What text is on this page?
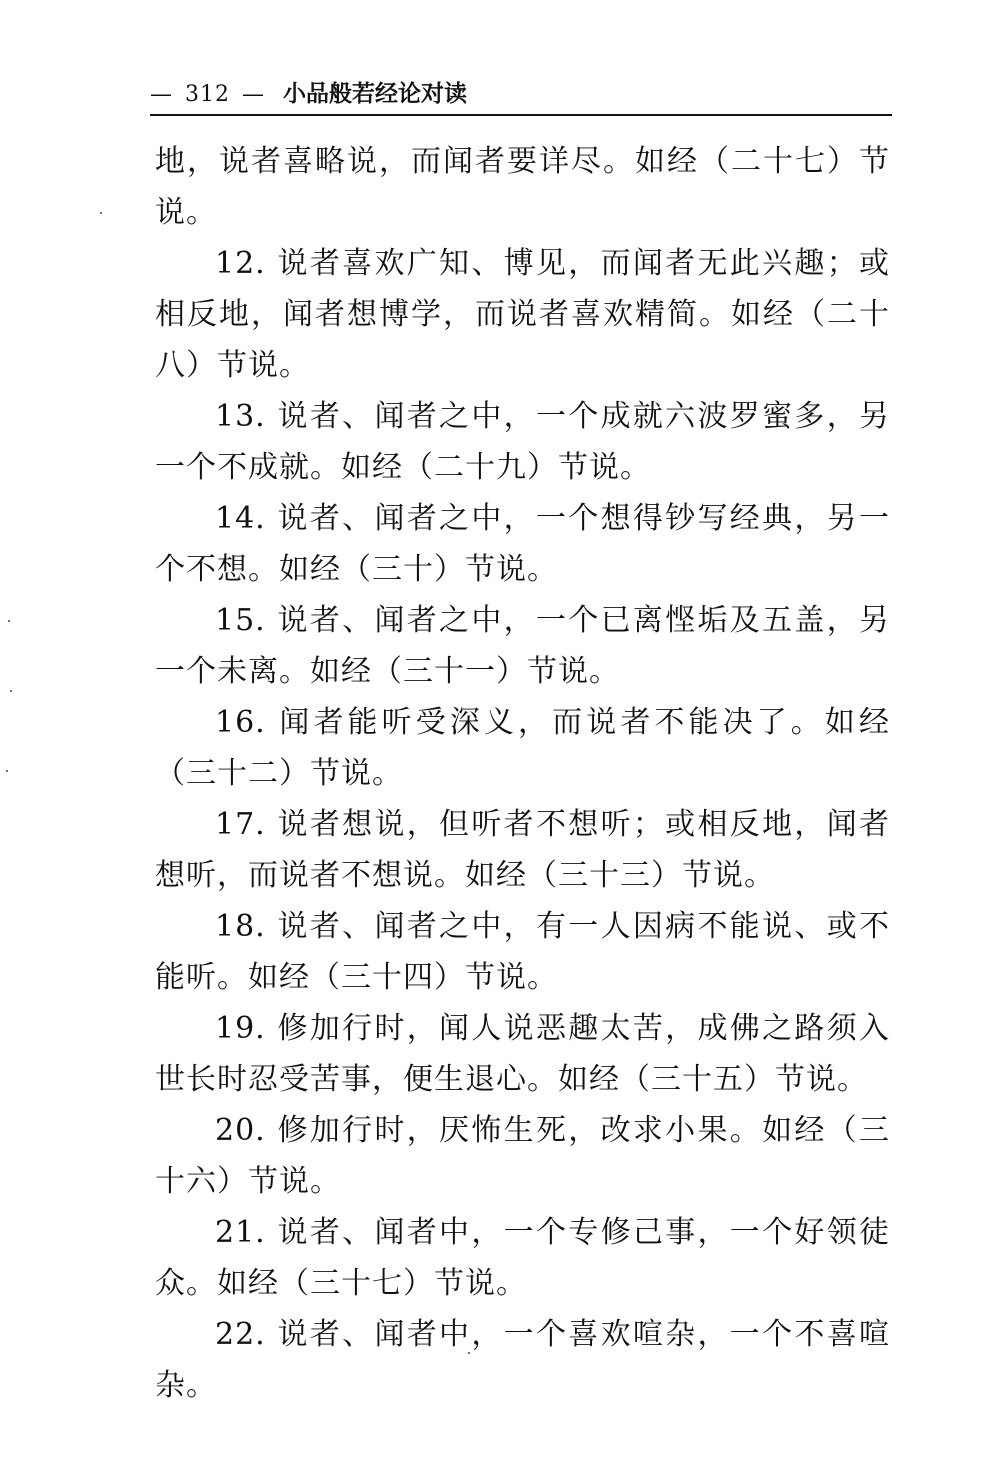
— 312 — 小品般若经论对读

地，说者喜略说，而闻者要详尽。如经（二十七）节说。

12. 说者喜欢广知、博见，而闻者无此兴趣；或相反地，闻者想博学，而说者喜欢精简。如经（二十八）节说。

13. 说者、闻者之中，一个成就六波罗蜜多，另一个不成就。如经（二十九）节说。

14. 说者、闻者之中，一个想得钞写经典，另一个不想。如经（三十）节说。

15. 说者、闻者之中，一个已离悭垢及五盖，另一个未离。如经（三十一）节说。

16. 闻者能听受深义，而说者不能决了。如经（三十二）节说。

17. 说者想说，但听者不想听；或相反地，闻者想听，而说者不想说。如经（三十三）节说。

18. 说者、闻者之中，有一人因病不能说、或不能听。如经（三十四）节说。

19. 修加行时，闻人说恶趣太苦，成佛之路须入世长时忍受苦事，便生退心。如经（三十五）节说。

20. 修加行时，厌怖生死，改求小果。如经（三十六）节说。

21. 说者、闻者中，一个专修己事，一个好领徒众。如经（三十七）节说。

22. 说者、闻者中，一个喜欢喧杂，一个不喜喧杂。
